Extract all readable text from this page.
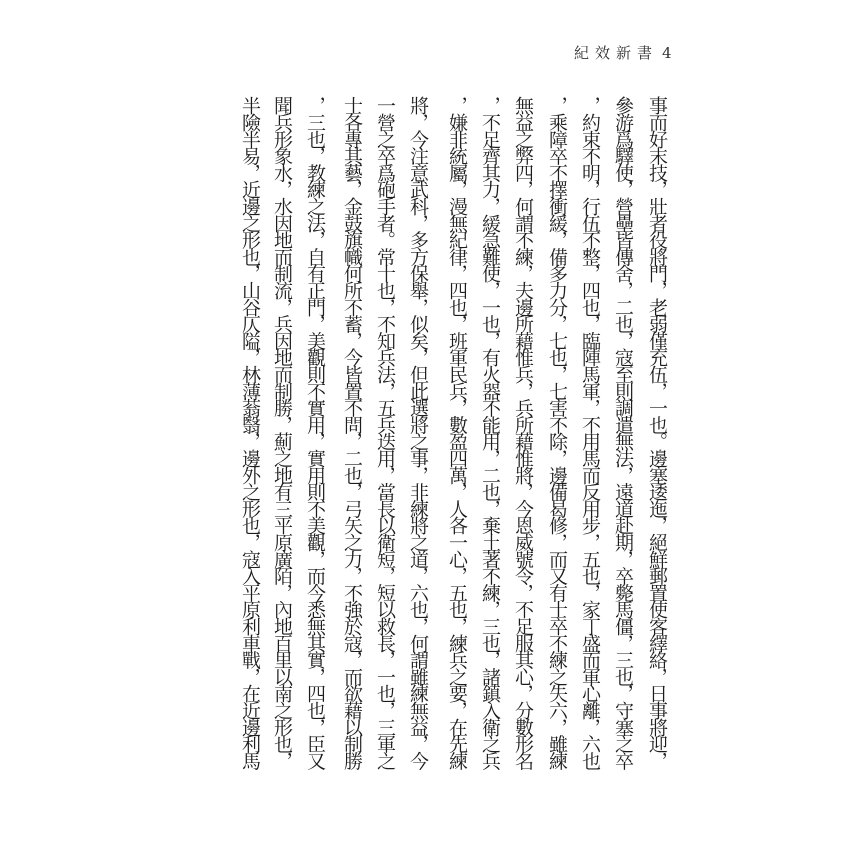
紀效新書 4
事而好末技，壯者役將門，老弱僅充伍，一也。邊塞逶迤，絕鮮郵置使客繹絡，日事將迎，
參游爲驛使，營壘皆傳舍，二也，寇至則調遣無法，遠道赴期，卒斃馬僵，三也，守塞之卒
，約束不明，行伍不整，四也，臨陣馬軍，不用馬而反用步，五也，家丁盛而軍心離，六也
，乘障卒不擇衝緩，備多力分，七也，七害不除，邊備曷修，而又有士卒不練之失六，雖練
無益之弊四，何謂不練，夫邊所藉惟兵，兵所藉惟將，今恩威號令，不足服其心，分數形名
，不足齊其力，緩急難使，一也，有火器不能用，二也，棄土著不練，三也，諸鎮入衛之兵
，嫌非統屬，漫無紀律，四也，班軍民兵，數盈四萬，人各一心，五也，練兵之要，在先練
將，今注意武科，多方保舉，似矣，但此選將之事，非練將之道，六也，何謂雖練無益，今
一營之卒爲砲手者。常十也，不知兵法，五兵迭用，當長以衛短，短以救長，一也，三軍之
士各專其藝，金鼓旗幟何所不蓄，今皆置不問，二也，弓矢之力，不強於寇，而欲藉以制勝
，三也，教練之法，自有正門，美觀則不實用，實用則不美觀，而今悉無其實，四也，臣又
聞兵形象水，水因地而制流，兵因地而制勝，薊之地有三平原廣陌，內地百里以南之形也，
半險半易，近邊之形也，山谷仄隘，林薄蓊翳，邊外之形也，寇入平原利車戰，在近邊利馬
